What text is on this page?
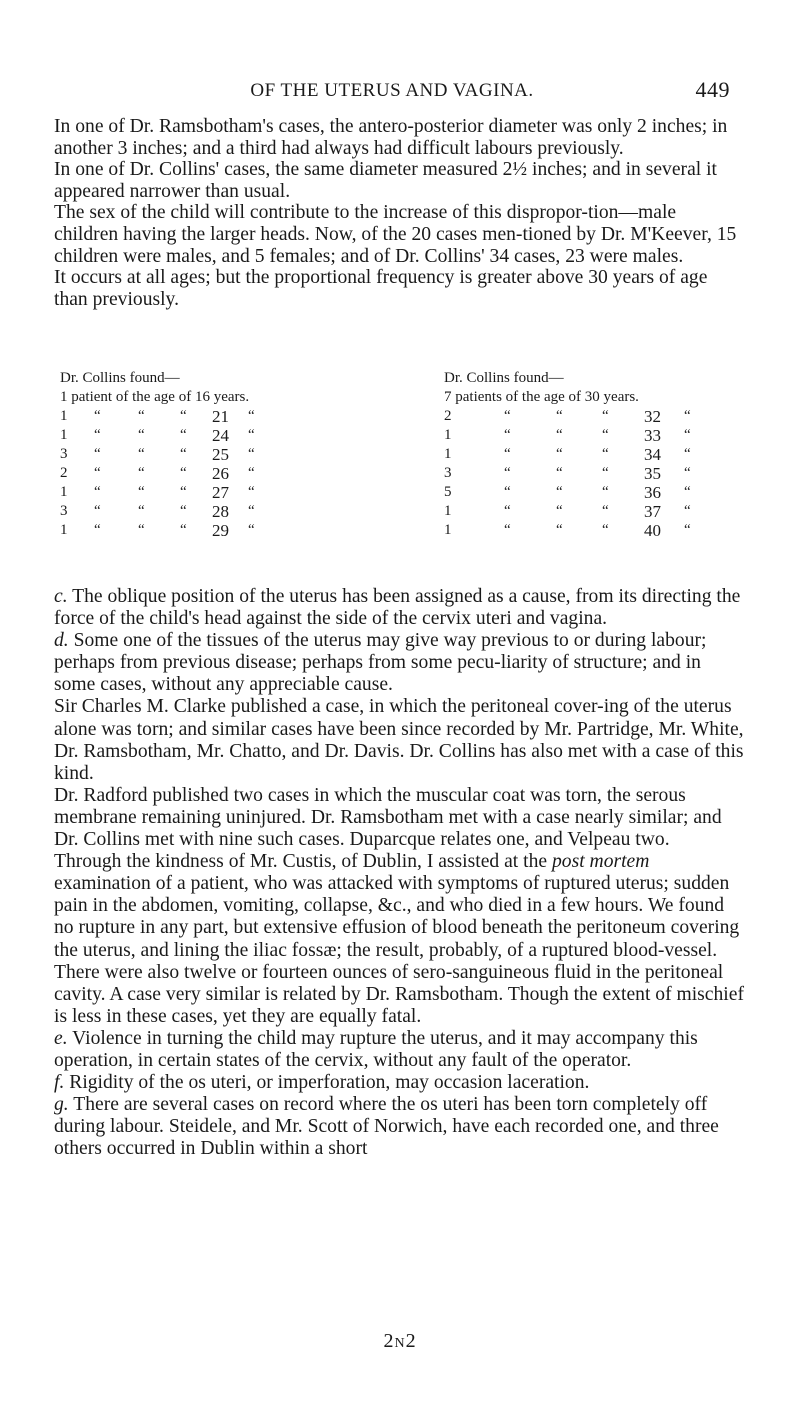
OF THE UTERUS AND VAGINA.	449

In one of Dr. Ramsbotham's cases, the antero-posterior diameter was only 2 inches; in another 3 inches; and a third had always had difficult labours previously.

In one of Dr. Collins' cases, the same diameter measured 2½ inches; and in several it appeared narrower than usual.

The sex of the child will contribute to the increase of this dispropor-tion—male children having the larger heads. Now, of the 20 cases men-tioned by Dr. M'Keever, 15 children were males, and 5 females; and of Dr. Collins' 34 cases, 23 were males.

It occurs at all ages; but the proportional frequency is greater above 30 years of age than previously.

Dr. Collins found—
1 patient of the age of 16 years.
1 “ “ “ 21 “
1 “ “ “ 24 “
3 “ “ “ 25 “
2 “ “ “ 26 “
1 “ “ “ 27 “
3 “ “ “ 28 “
1 “ “ “ 29 “
Dr. Collins found—
7 patients of the age of 30 years.
2	“	“	“ 32 “
1	“	“	“ 33 “
1	“	“	“ 34 “
3	“	“	“ 35 “
5	“	“	“ 36 “
1	“	“	“ 37 “
1	“	“	“ 40 “

c. The oblique position of the uterus has been assigned as a cause, from its directing the force of the child's head against the side of the cervix uteri and vagina.

d. Some one of the tissues of the uterus may give way previous to or during labour; perhaps from previous disease; perhaps from some pecu-liarity of structure; and in some cases, without any appreciable cause.

Sir Charles M. Clarke published a case, in which the peritoneal cover-ing of the uterus alone was torn; and similar cases have been since recorded by Mr. Partridge, Mr. White, Dr. Ramsbotham, Mr. Chatto, and Dr. Davis. Dr. Collins has also met with a case of this kind.

Dr. Radford published two cases in which the muscular coat was torn, the serous membrane remaining uninjured. Dr. Ramsbotham met with a case nearly similar; and Dr. Collins met with nine such cases. Duparcque relates one, and Velpeau two.

Through the kindness of Mr. Custis, of Dublin, I assisted at the post mortem examination of a patient, who was attacked with symptoms of ruptured uterus; sudden pain in the abdomen, vomiting, collapse, &c., and who died in a few hours. We found no rupture in any part, but extensive effusion of blood beneath the peritoneum covering the uterus, and lining the iliac fossæ; the result, probably, of a ruptured blood-vessel. There were also twelve or fourteen ounces of sero-sanguineous fluid in the peritoneal cavity. A case very similar is related by Dr. Ramsbotham. Though the extent of mischief is less in these cases, yet they are equally fatal.

e. Violence in turning the child may rupture the uterus, and it may accompany this operation, in certain states of the cervix, without any fault of the operator.

f. Rigidity of the os uteri, or imperforation, may occasion laceration.

g. There are several cases on record where the os uteri has been torn completely off during labour. Steidele, and Mr. Scott of Norwich, have each recorded one, and three others occurred in Dublin within a short

2N2
